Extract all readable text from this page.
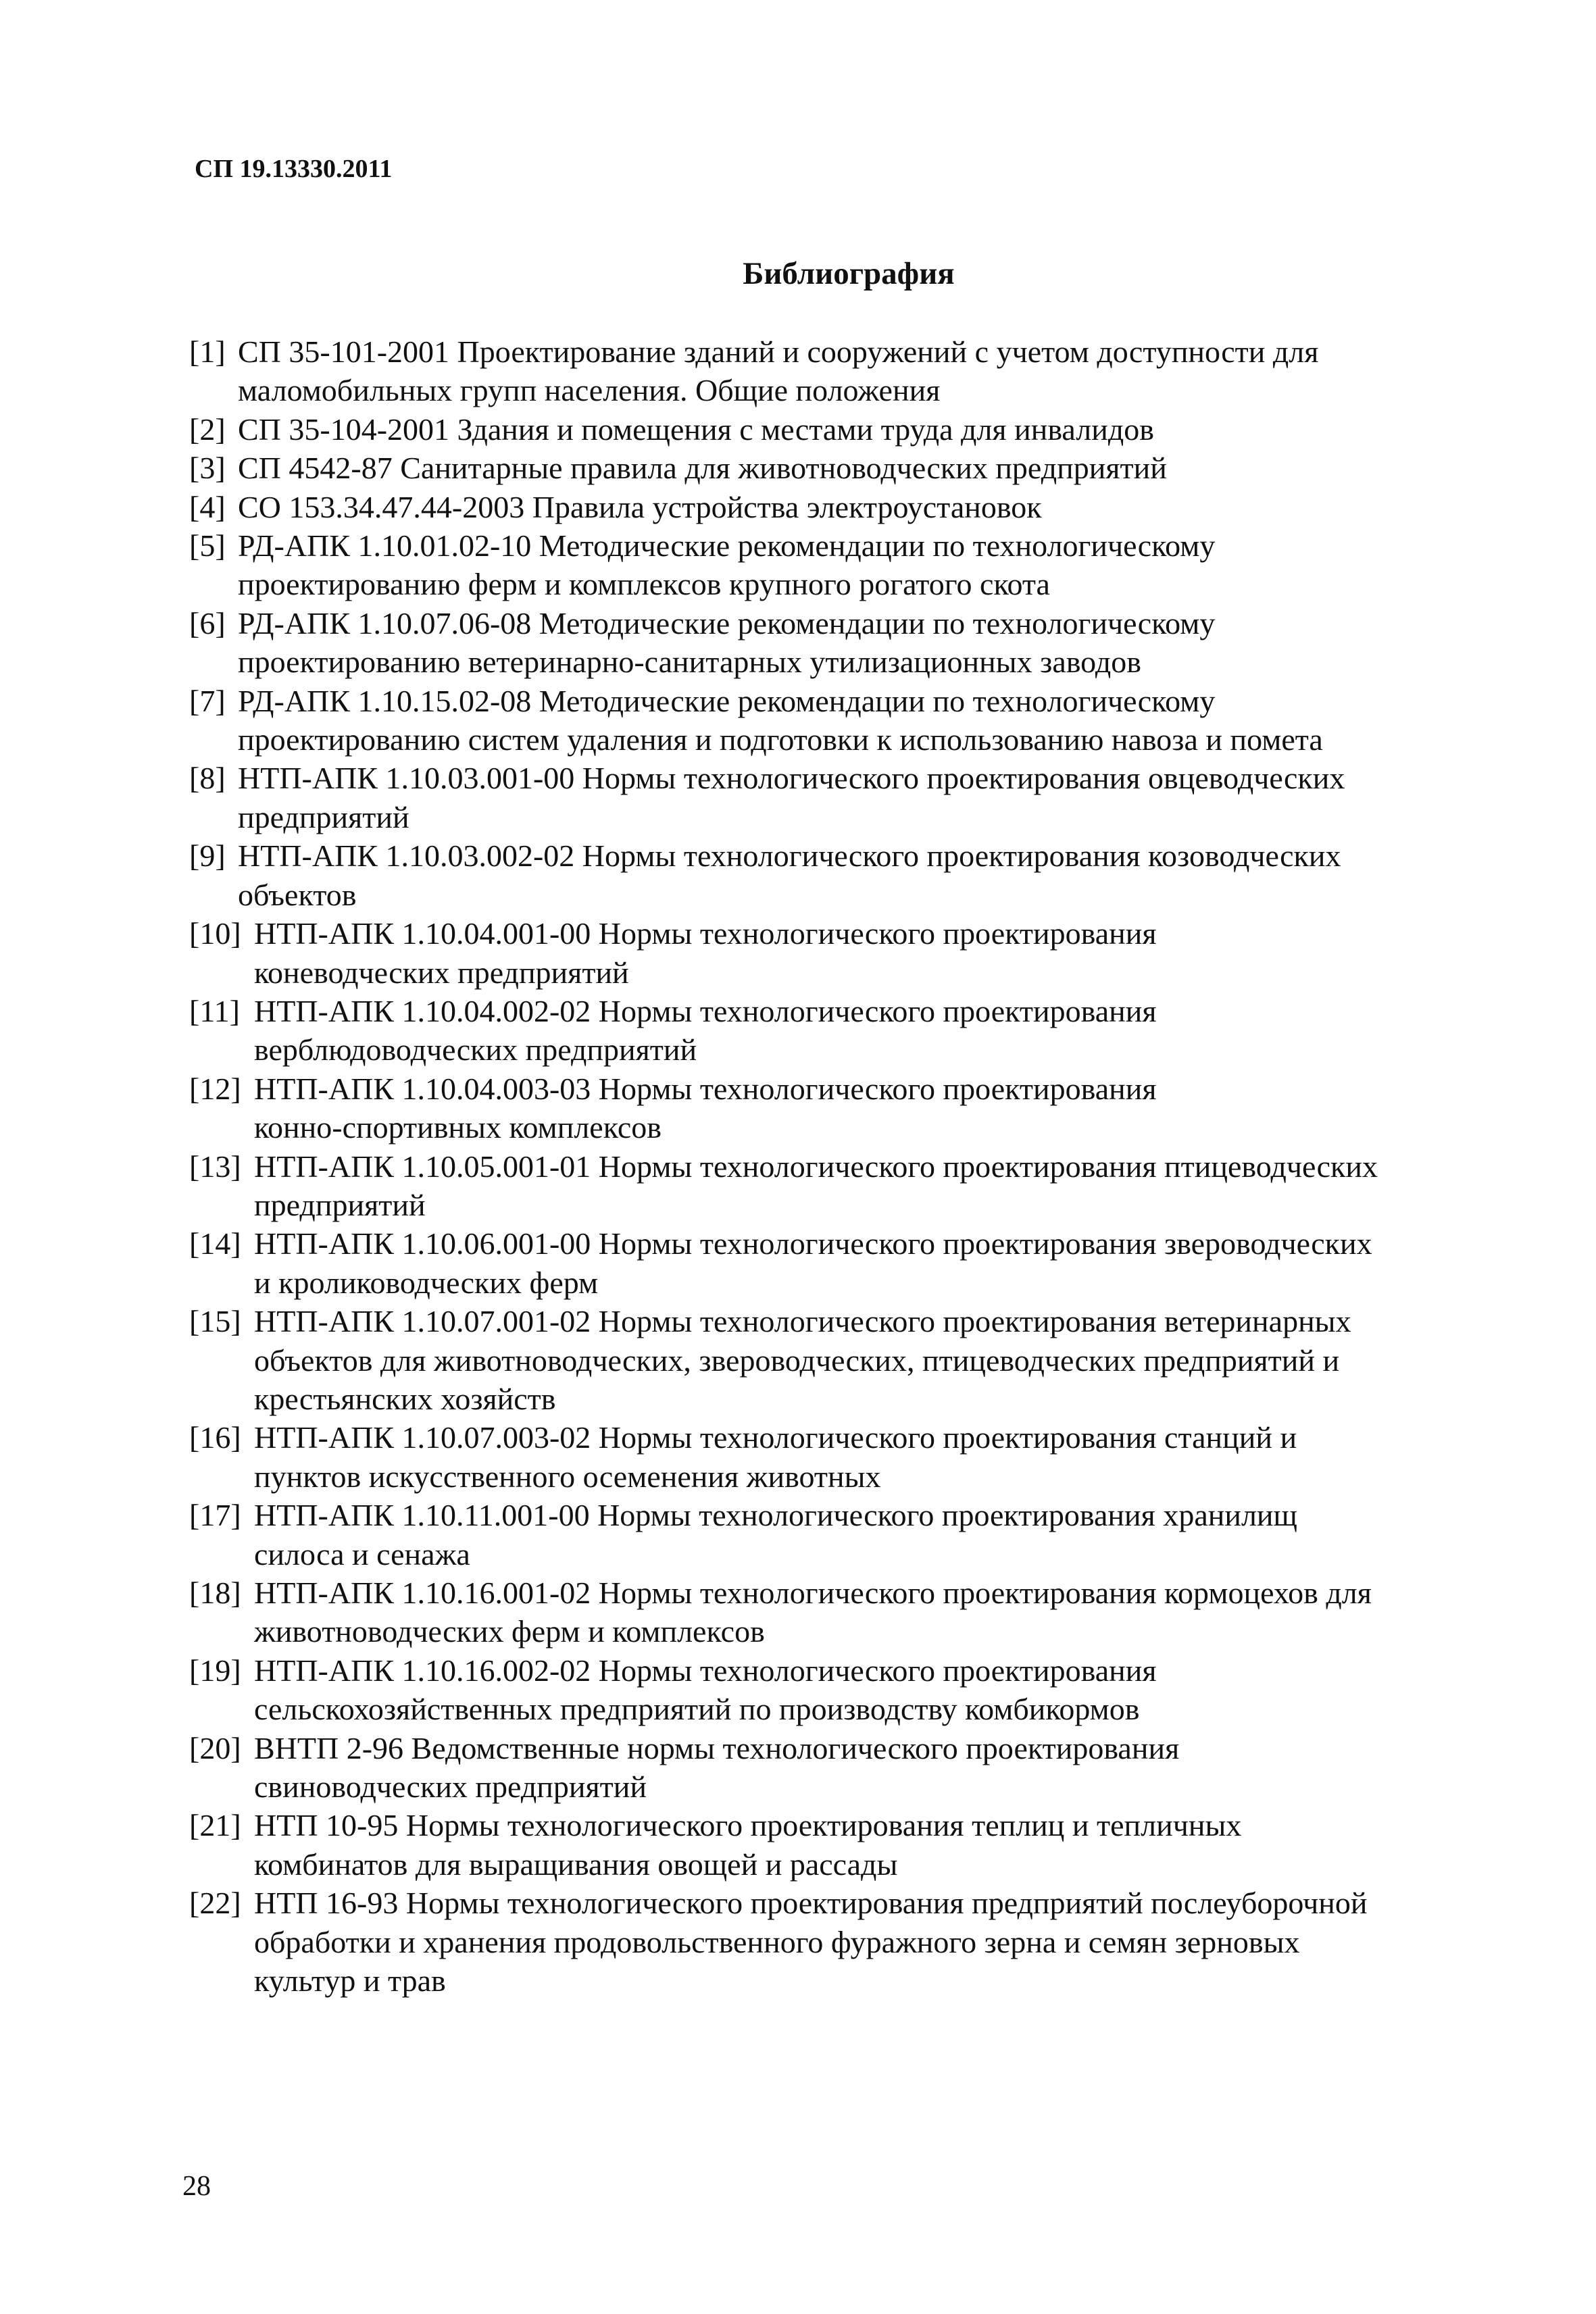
СП 19.13330.2011
Библиография
[1] СП 35-101-2001 Проектирование зданий и сооружений с учетом доступности для
маломобильных групп населения. Общие положения
[2] СП 35-104-2001 Здания и помещения с местами труда для инвалидов
[3] СП 4542-87 Санитарные правила для животноводческих предприятий
[4] СО 153.34.47.44-2003 Правила устройства электроустановок
[5] РД-АПК 1.10.01.02-10 Методические рекомендации по технологическому
проектированию ферм и комплексов крупного рогатого скота
[6] РД-АПК 1.10.07.06-08 Методические рекомендации по технологическому
проектированию ветеринарно-санитарных утилизационных заводов
[7] РД-АПК 1.10.15.02-08 Методические рекомендации по технологическому
проектированию систем удаления и подготовки к использованию навоза и помета
[8] НТП-АПК 1.10.03.001-00 Нормы технологического проектирования овцеводческих
предприятий
[9] НТП-АПК 1.10.03.002-02 Нормы технологического проектирования козоводческих
объектов
[10] НТП-АПК 1.10.04.001-00 Нормы технологического проектирования
коневодческих предприятий
[11] НТП-АПК 1.10.04.002-02 Нормы технологического проектирования
верблюдоводческих предприятий
[12] НТП-АПК 1.10.04.003-03 Нормы технологического проектирования
конно-спортивных комплексов
[13] НТП-АПК 1.10.05.001-01 Нормы технологического проектирования птицеводческих
предприятий
[14] НТП-АПК 1.10.06.001-00 Нормы технологического проектирования звероводческих
и кролиководческих ферм
[15] НТП-АПК 1.10.07.001-02 Нормы технологического проектирования ветеринарных
объектов для животноводческих, звероводческих, птицеводческих предприятий и
крестьянских хозяйств
[16] НТП-АПК 1.10.07.003-02 Нормы технологического проектирования станций и
пунктов искусственного осеменения животных
[17] НТП-АПК 1.10.11.001-00 Нормы технологического проектирования хранилищ
силоса и сенажа
[18] НТП-АПК 1.10.16.001-02 Нормы технологического проектирования кормоцехов для
животноводческих ферм и комплексов
[19] НТП-АПК 1.10.16.002-02 Нормы технологического проектирования
сельскохозяйственных предприятий по производству комбикормов
[20] ВНТП 2-96 Ведомственные нормы технологического проектирования
свиноводческих предприятий
[21] НТП 10-95 Нормы технологического проектирования теплиц и тепличных
комбинатов для выращивания овощей и рассады
[22] НТП 16-93 Нормы технологического проектирования предприятий послеуборочной
обработки и хранения продовольственного фуражного зерна и семян зерновых
культур и трав
28
